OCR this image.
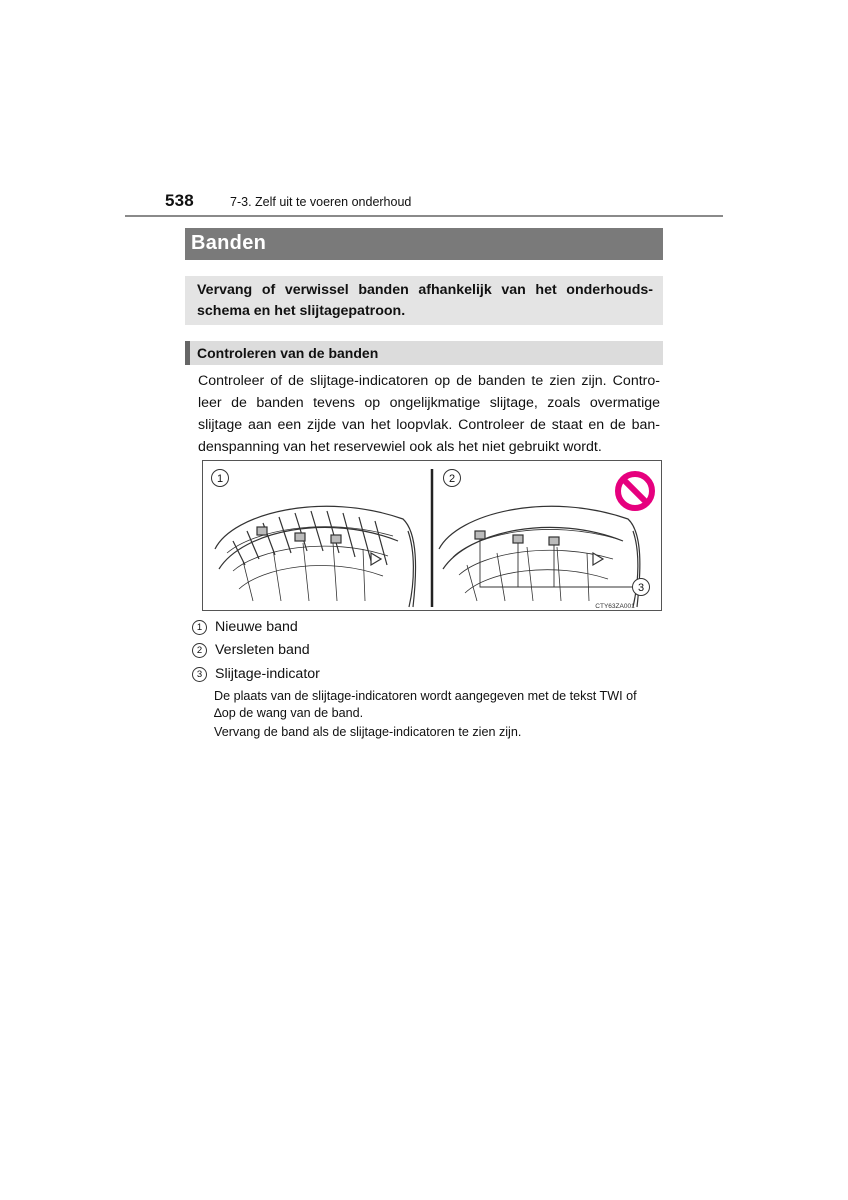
538	7-3. Zelf uit te voeren onderhoud
Banden
Vervang of verwissel banden afhankelijk van het onderhouds-schema en het slijtagepatroon.
Controleren van de banden
Controleer of de slijtage-indicatoren op de banden te zien zijn. Contro-leer de banden tevens op ongelijkmatige slijtage, zoals overmatige slijtage aan een zijde van het loopvlak. Controleer de staat en de ban-denspanning van het reservewiel ook als het niet gebruikt wordt.
1	2
3
CTY63ZA001
1 Nieuwe band
2 Versleten band
3 Slijtage-indicator
De plaats van de slijtage-indicatoren wordt aangegeven met de tekst TWI of ∆op de wang van de band.
Vervang de band als de slijtage-indicatoren te zien zijn.
